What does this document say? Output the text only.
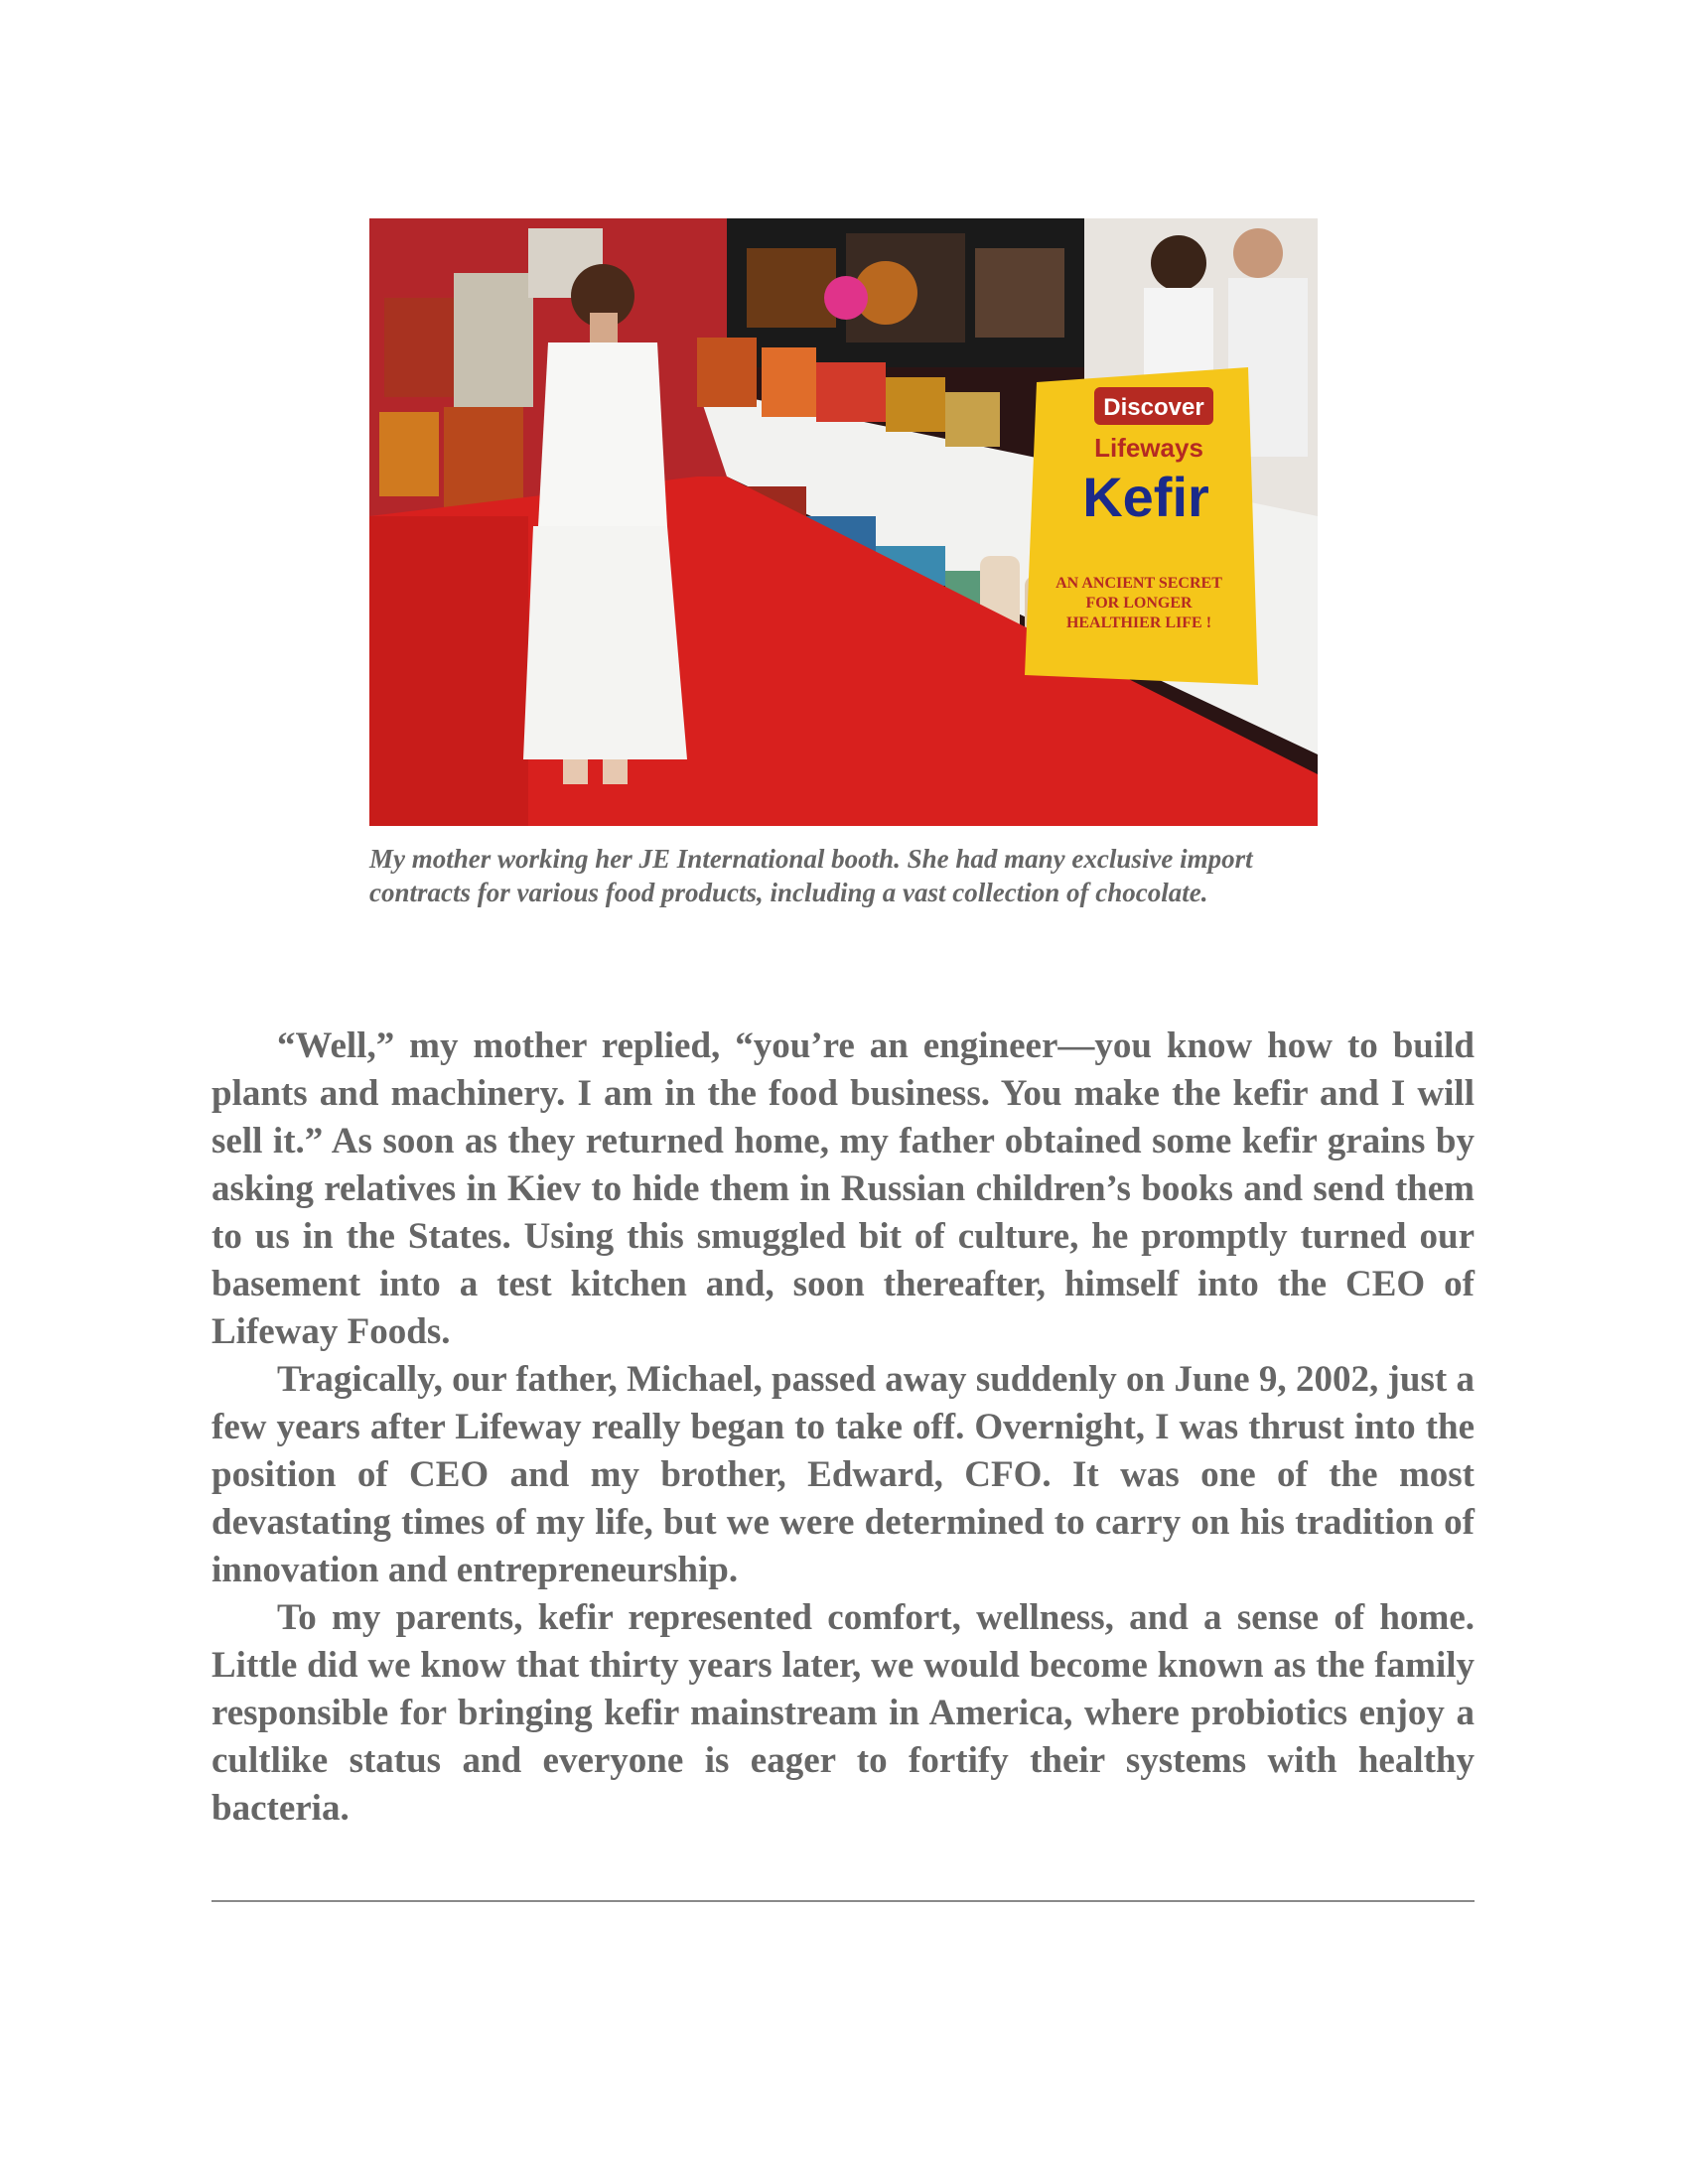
Discover
Lifeways
Kefir
AN ANCIENT SECRET
FOR LONGER
HEALTHIER LIFE !
My mother working her JE International booth. She had many exclusive import contracts for various food products, including a vast collection of chocolate.

“Well,” my mother replied, “you’re an engineer—you know how to build plants and machinery. I am in the food business. You make the kefir and I will sell it.” As soon as they returned home, my father obtained some kefir grains by asking relatives in Kiev to hide them in Russian children’s books and send them to us in the States. Using this smuggled bit of culture, he promptly turned our basement into a test kitchen and, soon thereafter, himself into the CEO of Lifeway Foods.

Tragically, our father, Michael, passed away suddenly on June 9, 2002, just a few years after Lifeway really began to take off. Overnight, I was thrust into the position of CEO and my brother, Edward, CFO. It was one of the most devastating times of my life, but we were determined to carry on his tradition of innovation and entrepreneurship.

To my parents, kefir represented comfort, wellness, and a sense of home. Little did we know that thirty years later, we would become known as the family responsible for bringing kefir mainstream in America, where probiotics enjoy a cultlike status and everyone is eager to fortify their systems with healthy bacteria.
